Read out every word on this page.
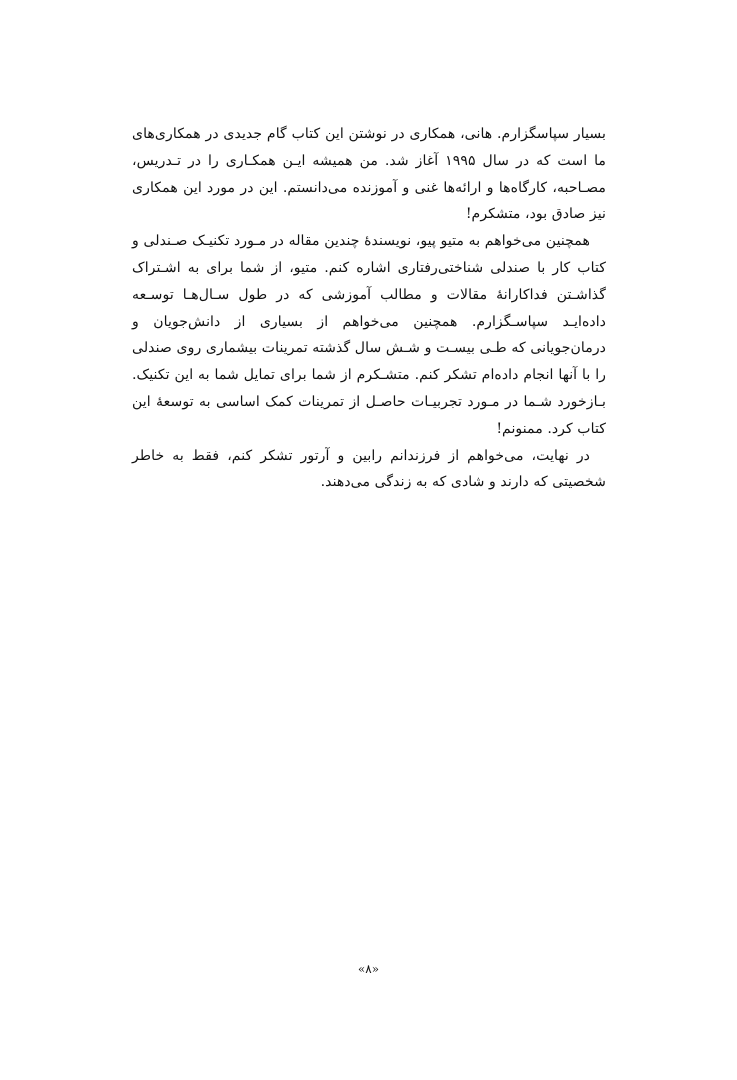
بسیار سپاسگزارم. هانی، همکاری در نوشتن این کتاب گام جدیدی در همکاری‌های ما است که در سال ۱۹۹۵ آغاز شد. من همیشه ایـن همکـاری را در تـدریس، مصـاحبه، کارگاه‌ها و ارائه‌ها غنی و آموزنده می‌دانستم. این در مورد این همکاری نیز صادق بود، متشکرم!

همچنین می‌خواهم به متیو پیو، نویسندهٔ چندین مقاله در مـورد تکنیـک صـندلی و کتاب کار با صندلی شناختی‌رفتاری اشاره کنم. متیو، از شما برای به اشـتراک گذاشـتن فداکارانهٔ مقالات و مطالب آموزشی که در طول سـال‌هـا توسـعه داده‌ایـد سپاسـگزارم. همچنین می‌خواهم از بسیاری از دانش‌جویان و درمان‌جویانی که طـی بیسـت و شـش سال گذشته تمرینات بیشماری روی صندلی را با آنها انجام داده‌ام تشکر کنم. متشـکرم از شما برای تمایل شما به این تکنیک. بـازخورد شـما در مـورد تجربیـات حاصـل از تمرینات کمک اساسی به توسعهٔ این کتاب کرد. ممنونم!

در نهایت، می‌خواهم از فرزندانم رابین و آرتور تشکر کنم، فقط به خاطر شخصیتی که دارند و شادی که به زندگی می‌دهند.

«۸»
